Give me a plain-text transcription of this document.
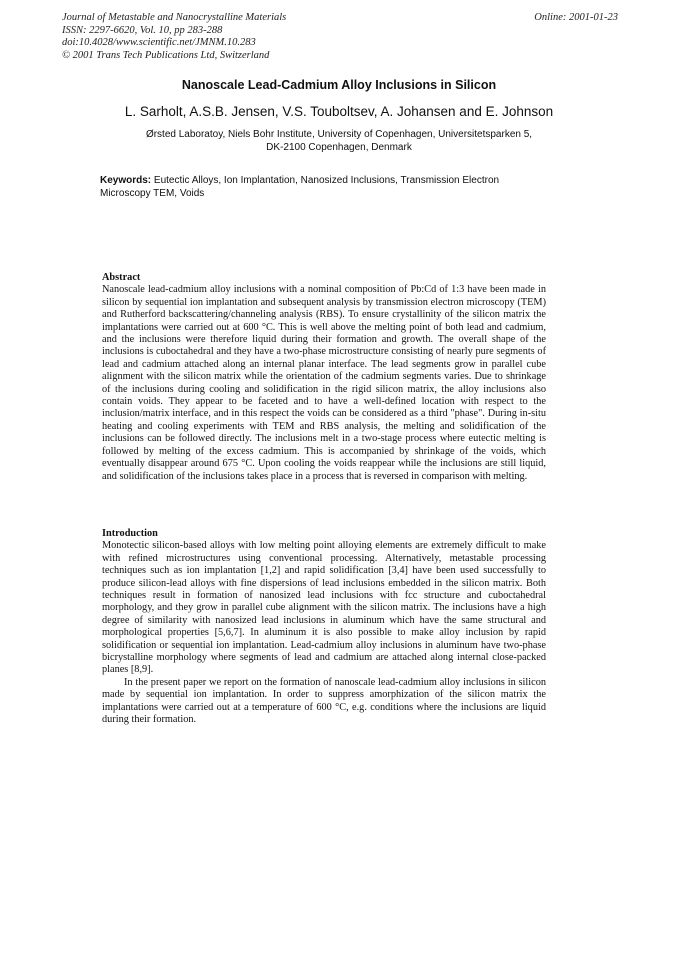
Journal of Metastable and Nanocrystalline Materials
ISSN: 2297-6620, Vol. 10, pp 283-288
doi:10.4028/www.scientific.net/JMNM.10.283
© 2001 Trans Tech Publications Ltd, Switzerland
Online: 2001-01-23
Nanoscale Lead-Cadmium Alloy Inclusions in Silicon
L. Sarholt, A.S.B. Jensen, V.S. Touboltsev, A. Johansen and E. Johnson
Ørsted Laboratoy, Niels Bohr Institute, University of Copenhagen, Universitetsparken 5,
DK-2100 Copenhagen, Denmark
Keywords: Eutectic Alloys, Ion Implantation, Nanosized Inclusions, Transmission Electron Microscopy TEM, Voids
Abstract

Nanoscale lead-cadmium alloy inclusions with a nominal composition of Pb:Cd of 1:3 have been made in silicon by sequential ion implantation and subsequent analysis by transmission electron microscopy (TEM) and Rutherford backscattering/channeling analysis (RBS). To ensure crystallinity of the silicon matrix the implantations were carried out at 600 °C. This is well above the melting point of both lead and cadmium, and the inclusions were therefore liquid during their formation and growth. The overall shape of the inclusions is cuboctahedral and they have a two-phase microstructure consisting of nearly pure segments of lead and cadmium attached along an internal planar interface. The lead segments grow in parallel cube alignment with the silicon matrix while the orientation of the cadmium segments varies. Due to shrinkage of the inclusions during cooling and solidification in the rigid silicon matrix, the alloy inclusions also contain voids. They appear to be faceted and to have a well-defined location with respect to the inclusion/matrix interface, and in this respect the voids can be considered as a third "phase". During in-situ heating and cooling experiments with TEM and RBS analysis, the melting and solidification of the inclusions can be followed directly. The inclusions melt in a two-stage process where eutectic melting is followed by melting of the excess cadmium. This is accompanied by shrinkage of the voids, which eventually disappear around 675 °C. Upon cooling the voids reappear while the inclusions are still liquid, and solidification of the inclusions takes place in a process that is reversed in comparison with melting.

Introduction

Monotectic silicon-based alloys with low melting point alloying elements are extremely difficult to make with refined microstructures using conventional processing. Alternatively, metastable processing techniques such as ion implantation [1,2] and rapid solidification [3,4] have been used successfully to produce silicon-lead alloys with fine dispersions of lead inclusions embedded in the silicon matrix. Both techniques result in formation of nanosized lead inclusions with fcc structure and cuboctahedral morphology, and they grow in parallel cube alignment with the silicon matrix. The inclusions have a high degree of similarity with nanosized lead inclusions in aluminum which have the same structural and morphological properties [5,6,7]. In aluminum it is also possible to make alloy inclusion by rapid solidification or sequential ion implantation. Lead-cadmium alloy inclusions in aluminum have two-phase bicrystalline morphology where segments of lead and cadmium are attached along internal close-packed planes [8,9].

In the present paper we report on the formation of nanoscale lead-cadmium alloy inclusions in silicon made by sequential ion implantation. In order to suppress amorphization of the silicon matrix the implantations were carried out at a temperature of 600 °C, e.g. conditions where the inclusions are liquid during their formation.
